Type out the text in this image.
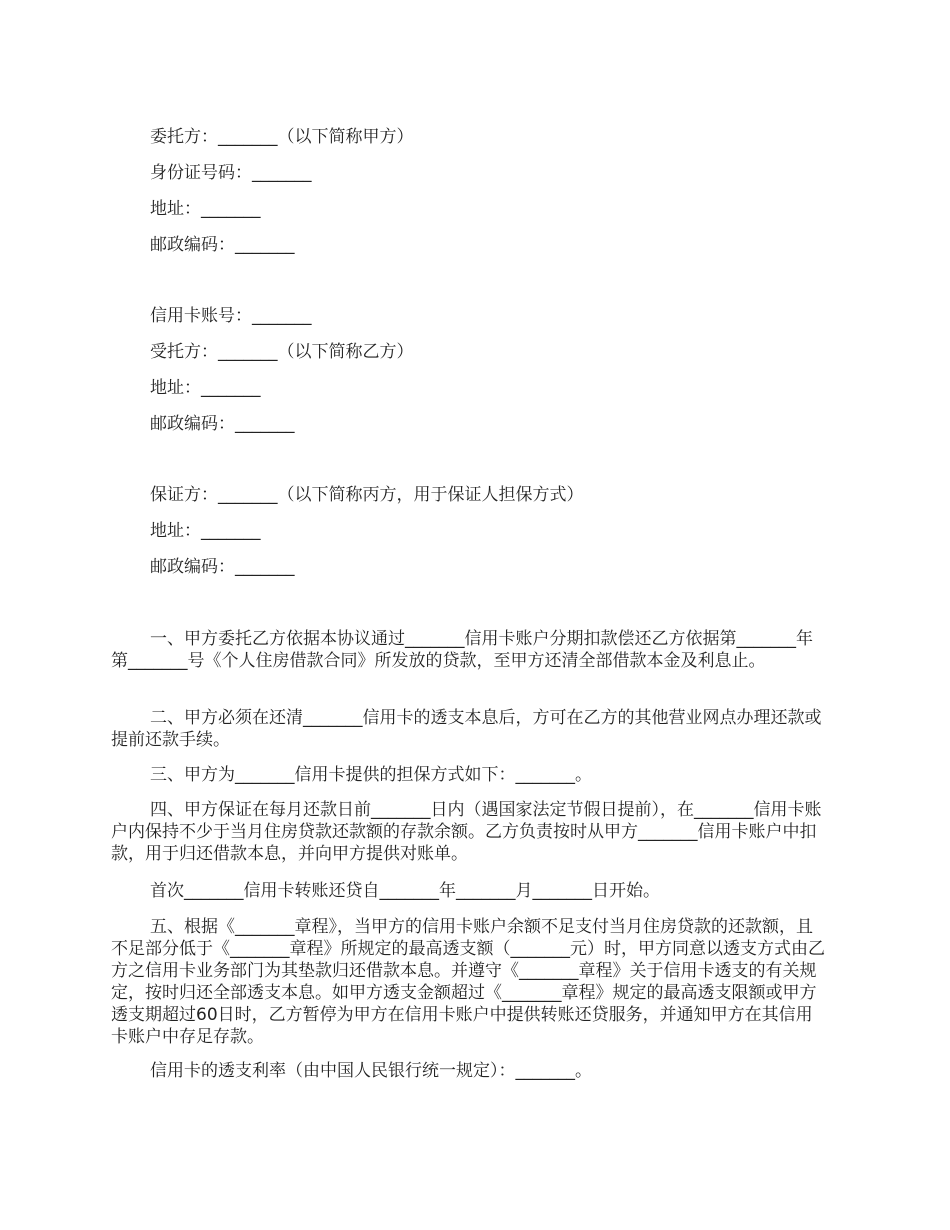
委托方：_______（以下简称甲方）
身份证号码：_______
地址：_______
邮政编码：_______
信用卡账号：_______
受托方：_______（以下简称乙方）
地址：_______
邮政编码：_______
保证方：_______（以下简称丙方，用于保证人担保方式）
地址：_______
邮政编码：_______
一、甲方委托乙方依据本协议通过_______信用卡账户分期扣款偿还乙方依据第_______年第_______号《个人住房借款合同》所发放的贷款，至甲方还清全部借款本金及利息止。
二、甲方必须在还清_______信用卡的透支本息后，方可在乙方的其他营业网点办理还款或提前还款手续。
三、甲方为_______信用卡提供的担保方式如下：_______。
四、甲方保证在每月还款日前_______日内（遇国家法定节假日提前），在_______信用卡账户内保持不少于当月住房贷款还款额的存款余额。乙方负责按时从甲方_______信用卡账户中扣款，用于归还借款本息，并向甲方提供对账单。
首次_______信用卡转账还贷自_______年_______月_______日开始。
五、根据《_______章程》，当甲方的信用卡账户余额不足支付当月住房贷款的还款额，且不足部分低于《_______章程》所规定的最高透支额（_______元）时，甲方同意以透支方式由乙方之信用卡业务部门为其垫款归还借款本息。并遵守《_______章程》关于信用卡透支的有关规定，按时归还全部透支本息。如甲方透支金额超过《_______章程》规定的最高透支限额或甲方透支期超过60日时，乙方暂停为甲方在信用卡账户中提供转账还贷服务，并通知甲方在其信用卡账户中存足存款。
信用卡的透支利率（由中国人民银行统一规定）：_______。
